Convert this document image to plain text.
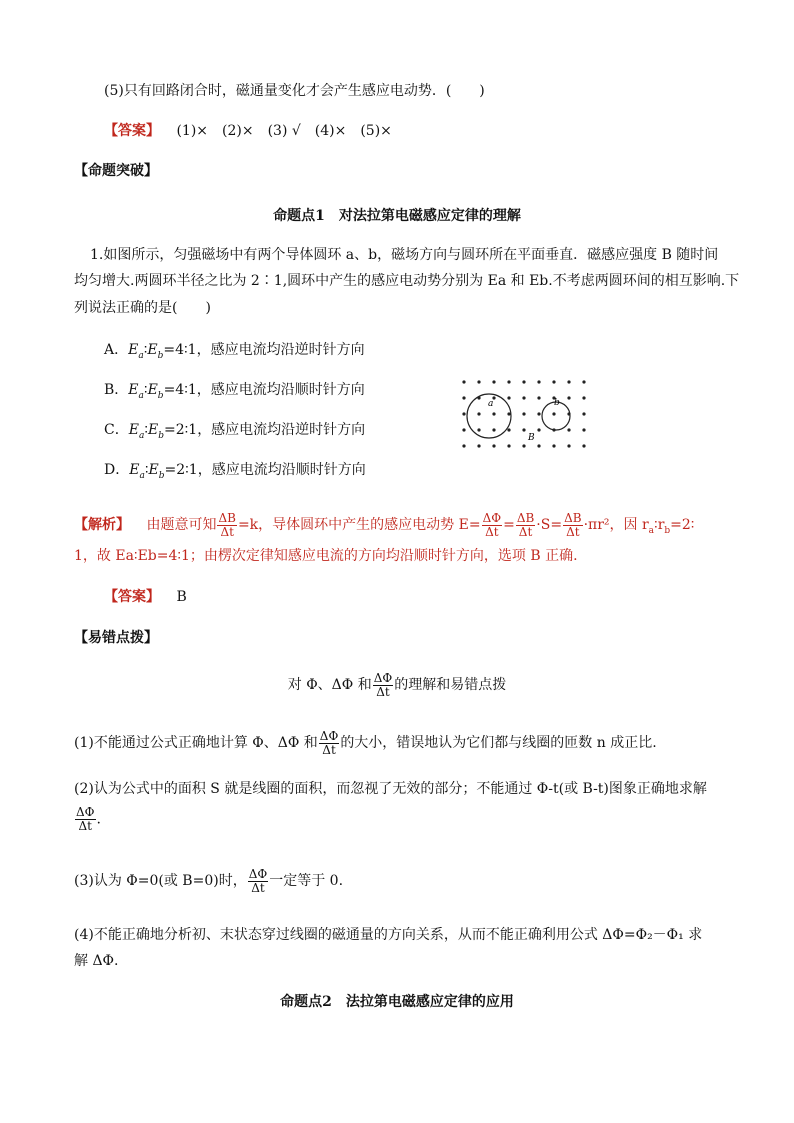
(5)只有回路闭合时，磁通量变化才会产生感应电动势．(　　)
【答案】 (1)×　(2)×　(3) √　(4)×　(5)×
【命题突破】
命题点1　对法拉第电磁感应定律的理解
1.如图所示，匀强磁场中有两个导体圆环 a、b，磁场方向与圆环所在平面垂直．磁感应强度 B 随时间
均匀增大.两圆环半径之比为 2∶1,圆环中产生的感应电动势分别为 Ea 和 Eb.不考虑两圆环间的相互影响.下
列说法正确的是(　　)
A．$E_a∶E_b=4∶1$，感应电流均沿逆时针方向
B．$E_a∶E_b=4∶1$，感应电流均沿顺时针方向
C．$E_a∶E_b=2∶1$，感应电流均沿逆时针方向
D．$E_a∶E_b=2∶1$，感应电流均沿顺时针方向
a	b
B
【解析】 由题意可知 $\frac{\Delta B}{\Delta t} =k$，导体圆环中产生的感应电动势 $E= \frac{\Delta\Phi}{\Delta t} = \frac{\Delta B}{\Delta t} \cdot S= \frac{\Delta B}{\Delta t} \cdot\pi r^2$，因 $r_a∶r_b=2∶$
1，故 Ea∶Eb=4∶1；由楞次定律知感应电流的方向均沿顺时针方向，选项 B 正确.
【答案】 B
【易错点拨】
对 Φ、ΔΦ 和 $\frac{\Delta\Phi}{\Delta t}$ 的理解和易错点拨
(1)不能通过公式正确地计算 Φ、ΔΦ 和 $\frac{\Delta\Phi}{\Delta t}$ 的大小，错误地认为它们都与线圈的匝数 n 成正比.
(2)认为公式中的面积 S 就是线圈的面积，而忽视了无效的部分；不能通过 Φ-t(或 B-t)图象正确地求解
$\frac{\Delta\Phi}{\Delta t}$ .
(3)认为 Φ=0(或 B=0)时， $\frac{\Delta\Phi}{\Delta t}$ 一定等于 0.
(4)不能正确地分析初、末状态穿过线圈的磁通量的方向关系，从而不能正确利用公式 ΔΦ=Φ₂－Φ₁ 求
解 ΔΦ.
命题点2　法拉第电磁感应定律的应用
